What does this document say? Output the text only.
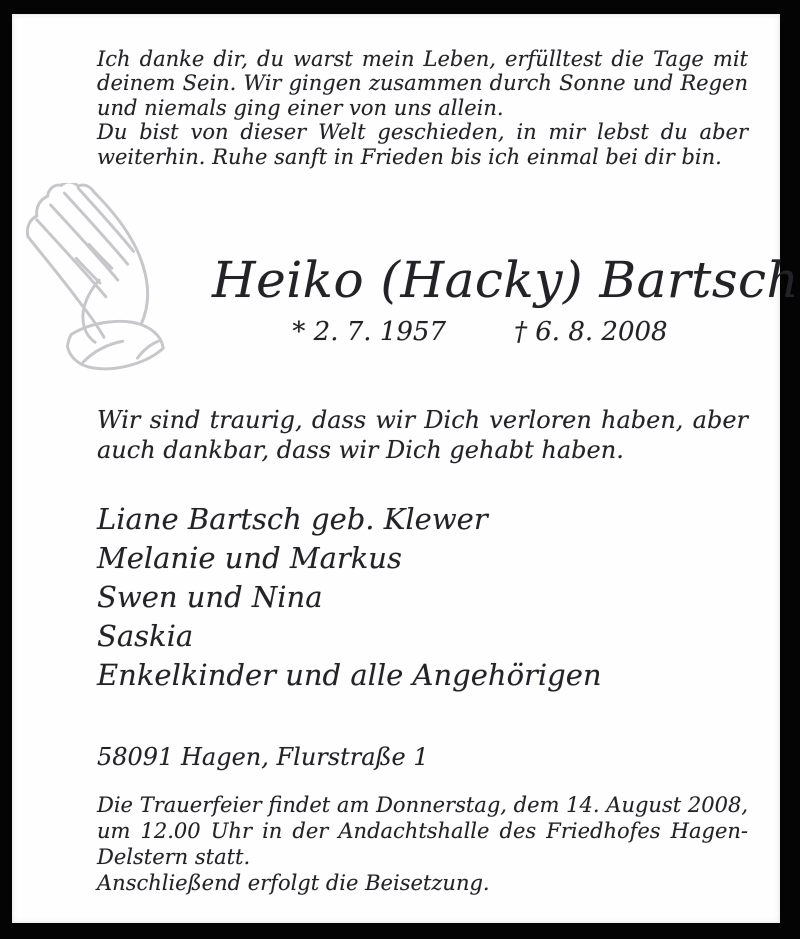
Ich danke dir, du warst mein Leben, erfülltest die Tage mit deinem Sein. Wir gingen zusammen durch Sonne und Regen und niemals ging einer von uns allein.

Du bist von dieser Welt geschieden, in mir lebst du aber weiterhin. Ruhe sanft in Frieden bis ich einmal bei dir bin.

Heiko (Hacky) Bartsch
* 2. 7. 1957	† 6. 8. 2008

Wir sind traurig, dass wir Dich verloren haben, aber auch dankbar, dass wir Dich gehabt haben.

Liane Bartsch geb. Klewer
Melanie und Markus
Swen und Nina
Saskia
Enkelkinder und alle Angehörigen
58091 Hagen, Flurstraße 1

Die Trauerfeier findet am Donnerstag, dem 14. August 2008, um 12.00 Uhr in der Andachtshalle des Friedhofes Hagen-Delstern statt.

Anschließend erfolgt die Beisetzung.
